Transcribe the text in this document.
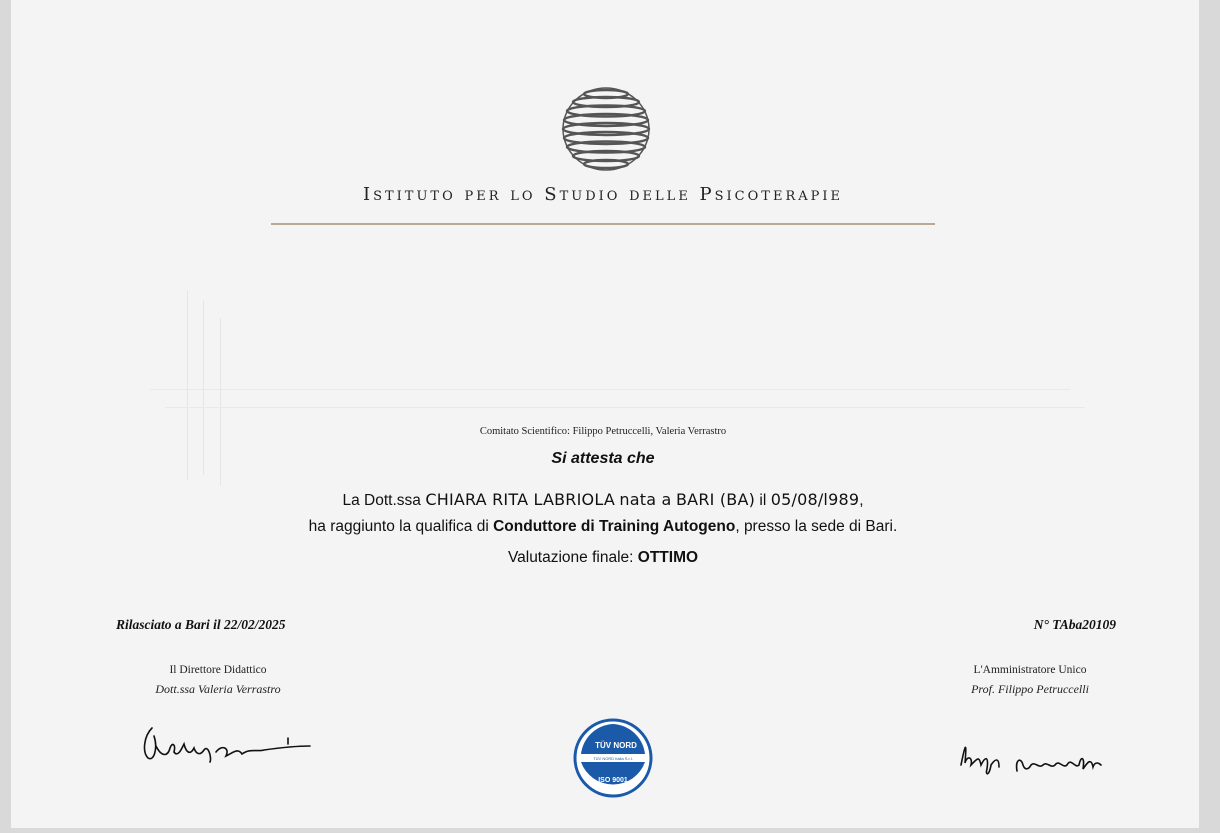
Istituto per lo Studio delle Psicoterapie
Comitato Scientifico: Filippo Petruccelli, Valeria Verrastro
Si attesta che
La Dott.ssa CHIARA RITA LABRIOLA nata a BARI (BA) il 05/08/l989,
ha raggiunto la qualifica di Conduttore di Training Autogeno, presso la sede di Bari.
Valutazione finale: OTTIMO
Rilasciato a Bari il 22/02/2025	N° TAba20109
Il Direttore Didattico
Dott.ssa Valeria Verrastro
L'Amministratore Unico
Prof. Filippo Petruccelli
TÜV NORD
TÜV NORD Italia S.r.l.
ISO 9001
